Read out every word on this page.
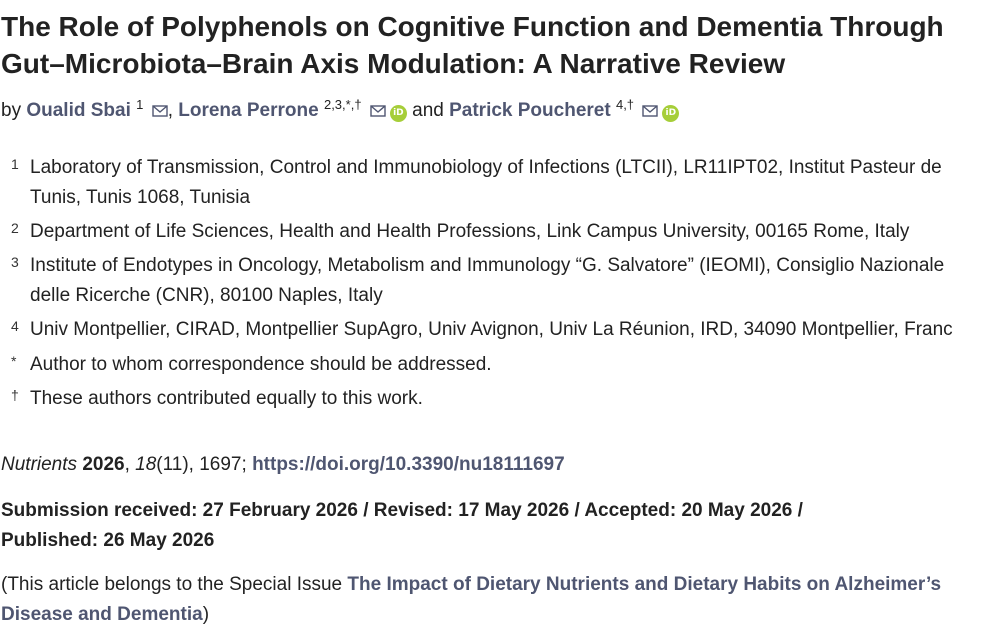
The Role of Polyphenols on Cognitive Function and Dementia Through
Gut–Microbiota–Brain Axis Modulation: A Narrative Review
by Oualid Sbai $^1$ , Lorena Perrone $^{2,3,*,\dagger}$ iD and Patrick Poucheret $^{4,\dagger}$ iD
1 Laboratory of Transmission, Control and Immunobiology of Infections (LTCII), LR11IPT02, Institut Pasteur de
Tunis, Tunis 1068, Tunisia
2 Department of Life Sciences, Health and Health Professions, Link Campus University, 00165 Rome, Italy
3 Institute of Endotypes in Oncology, Metabolism and Immunology “G. Salvatore” (IEOMI), Consiglio Nazionale
delle Ricerche (CNR), 80100 Naples, Italy
4 Univ Montpellier, CIRAD, Montpellier SupAgro, Univ Avignon, Univ La Réunion, IRD, 34090 Montpellier, Franc
* Author to whom correspondence should be addressed.
† These authors contributed equally to this work.
Nutrients 2026, 18(11), 1697; https://doi.org/10.3390/nu18111697
Submission received: 27 February 2026 / Revised: 17 May 2026 / Accepted: 20 May 2026 /
Published: 26 May 2026
(This article belongs to the Special Issue The Impact of Dietary Nutrients and Dietary Habits on Alzheimer’s
Disease and Dementia)
